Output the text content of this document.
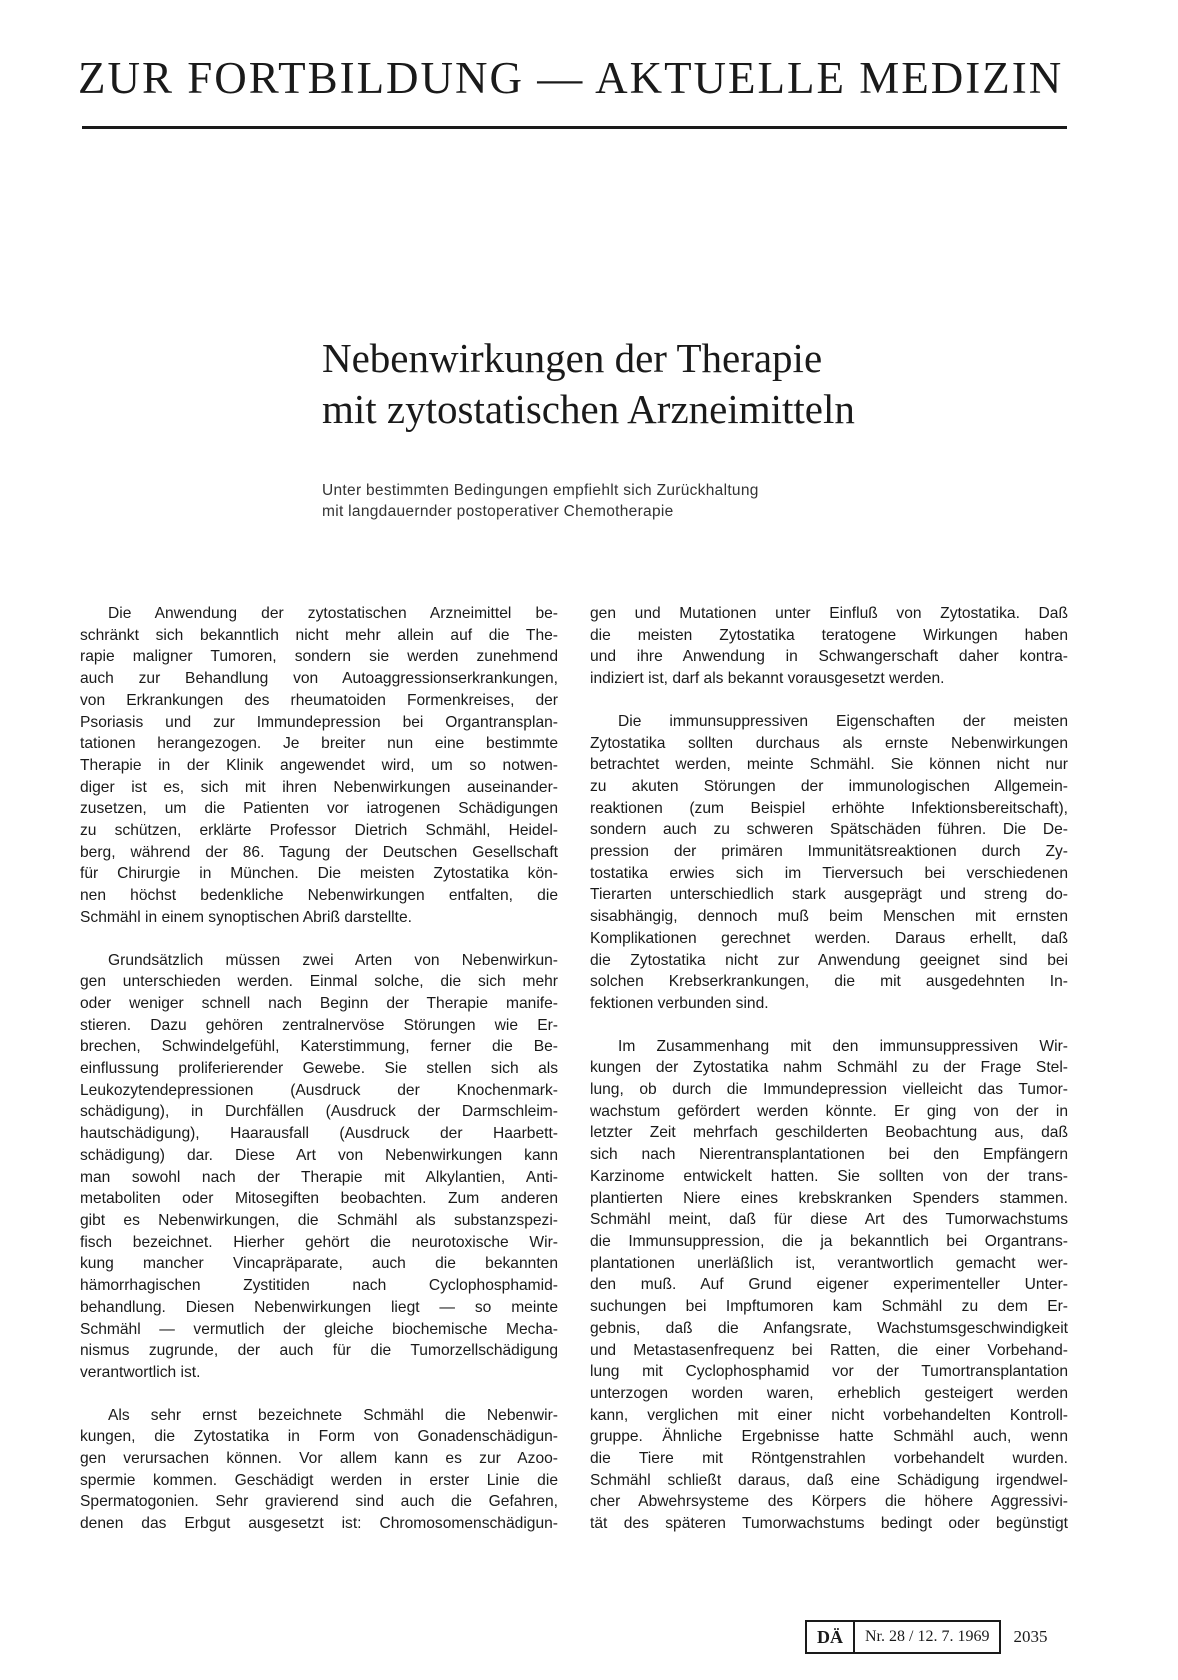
ZUR FORTBILDUNG — AKTUELLE MEDIZIN
Nebenwirkungen der Therapie
mit zytostatischen Arzneimitteln
Unter bestimmten Bedingungen empfiehlt sich Zurückhaltung
mit langdauernder postoperativer Chemotherapie
Die Anwendung der zytostatischen Arzneimittel be-
schränkt sich bekanntlich nicht mehr allein auf die The-
rapie maligner Tumoren, sondern sie werden zunehmend
auch zur Behandlung von Autoaggressionserkrankungen,
von Erkrankungen des rheumatoiden Formenkreises, der
Psoriasis und zur Immundepression bei Organtransplan-
tationen herangezogen. Je breiter nun eine bestimmte
Therapie in der Klinik angewendet wird, um so notwen-
diger ist es, sich mit ihren Nebenwirkungen auseinander-
zusetzen, um die Patienten vor iatrogenen Schädigungen
zu schützen, erklärte Professor Dietrich Schmähl, Heidel-
berg, während der 86. Tagung der Deutschen Gesellschaft
für Chirurgie in München. Die meisten Zytostatika kön-
nen höchst bedenkliche Nebenwirkungen entfalten, die
Schmähl in einem synoptischen Abriß darstellte.
Grundsätzlich müssen zwei Arten von Nebenwirkun-
gen unterschieden werden. Einmal solche, die sich mehr
oder weniger schnell nach Beginn der Therapie manife-
stieren. Dazu gehören zentralnervöse Störungen wie Er-
brechen, Schwindelgefühl, Katerstimmung, ferner die Be-
einflussung proliferierender Gewebe. Sie stellen sich als
Leukozytendepressionen (Ausdruck der Knochenmark-
schädigung), in Durchfällen (Ausdruck der Darmschleim-
hautschädigung), Haarausfall (Ausdruck der Haarbett-
schädigung) dar. Diese Art von Nebenwirkungen kann
man sowohl nach der Therapie mit Alkylantien, Anti-
metaboliten oder Mitosegiften beobachten. Zum anderen
gibt es Nebenwirkungen, die Schmähl als substanzspezi-
fisch bezeichnet. Hierher gehört die neurotoxische Wir-
kung mancher Vincapräparate, auch die bekannten
hämorrhagischen Zystitiden nach Cyclophosphamid-
behandlung. Diesen Nebenwirkungen liegt — so meinte
Schmähl — vermutlich der gleiche biochemische Mecha-
nismus zugrunde, der auch für die Tumorzellschädigung
verantwortlich ist.
Als sehr ernst bezeichnete Schmähl die Nebenwir-
kungen, die Zytostatika in Form von Gonadenschädigun-
gen verursachen können. Vor allem kann es zur Azoo-
spermie kommen. Geschädigt werden in erster Linie die
Spermatogonien. Sehr gravierend sind auch die Gefahren,
denen das Erbgut ausgesetzt ist: Chromosomenschädigun-
gen und Mutationen unter Einfluß von Zytostatika. Daß
die meisten Zytostatika teratogene Wirkungen haben
und ihre Anwendung in Schwangerschaft daher kontra-
indiziert ist, darf als bekannt vorausgesetzt werden.
Die immunsuppressiven Eigenschaften der meisten
Zytostatika sollten durchaus als ernste Nebenwirkungen
betrachtet werden, meinte Schmähl. Sie können nicht nur
zu akuten Störungen der immunologischen Allgemein-
reaktionen (zum Beispiel erhöhte Infektionsbereitschaft),
sondern auch zu schweren Spätschäden führen. Die De-
pression der primären Immunitätsreaktionen durch Zy-
tostatika erwies sich im Tierversuch bei verschiedenen
Tierarten unterschiedlich stark ausgeprägt und streng do-
sisabhängig, dennoch muß beim Menschen mit ernsten
Komplikationen gerechnet werden. Daraus erhellt, daß
die Zytostatika nicht zur Anwendung geeignet sind bei
solchen Krebserkrankungen, die mit ausgedehnten In-
fektionen verbunden sind.
Im Zusammenhang mit den immunsuppressiven Wir-
kungen der Zytostatika nahm Schmähl zu der Frage Stel-
lung, ob durch die Immundepression vielleicht das Tumor-
wachstum gefördert werden könnte. Er ging von der in
letzter Zeit mehrfach geschilderten Beobachtung aus, daß
sich nach Nierentransplantationen bei den Empfängern
Karzinome entwickelt hatten. Sie sollten von der trans-
plantierten Niere eines krebskranken Spenders stammen.
Schmähl meint, daß für diese Art des Tumorwachstums
die Immunsuppression, die ja bekanntlich bei Organtrans-
plantationen unerläßlich ist, verantwortlich gemacht wer-
den muß. Auf Grund eigener experimenteller Unter-
suchungen bei Impftumoren kam Schmähl zu dem Er-
gebnis, daß die Anfangsrate, Wachstumsgeschwindigkeit
und Metastasenfrequenz bei Ratten, die einer Vorbehand-
lung mit Cyclophosphamid vor der Tumortransplantation
unterzogen worden waren, erheblich gesteigert werden
kann, verglichen mit einer nicht vorbehandelten Kontroll-
gruppe. Ähnliche Ergebnisse hatte Schmähl auch, wenn
die Tiere mit Röntgenstrahlen vorbehandelt wurden.
Schmähl schließt daraus, daß eine Schädigung irgendwel-
cher Abwehrsysteme des Körpers die höhere Aggressivi-
tät des späteren Tumorwachstums bedingt oder begünstigt
DÄ	Nr. 28 / 12. 7. 1969	2035
